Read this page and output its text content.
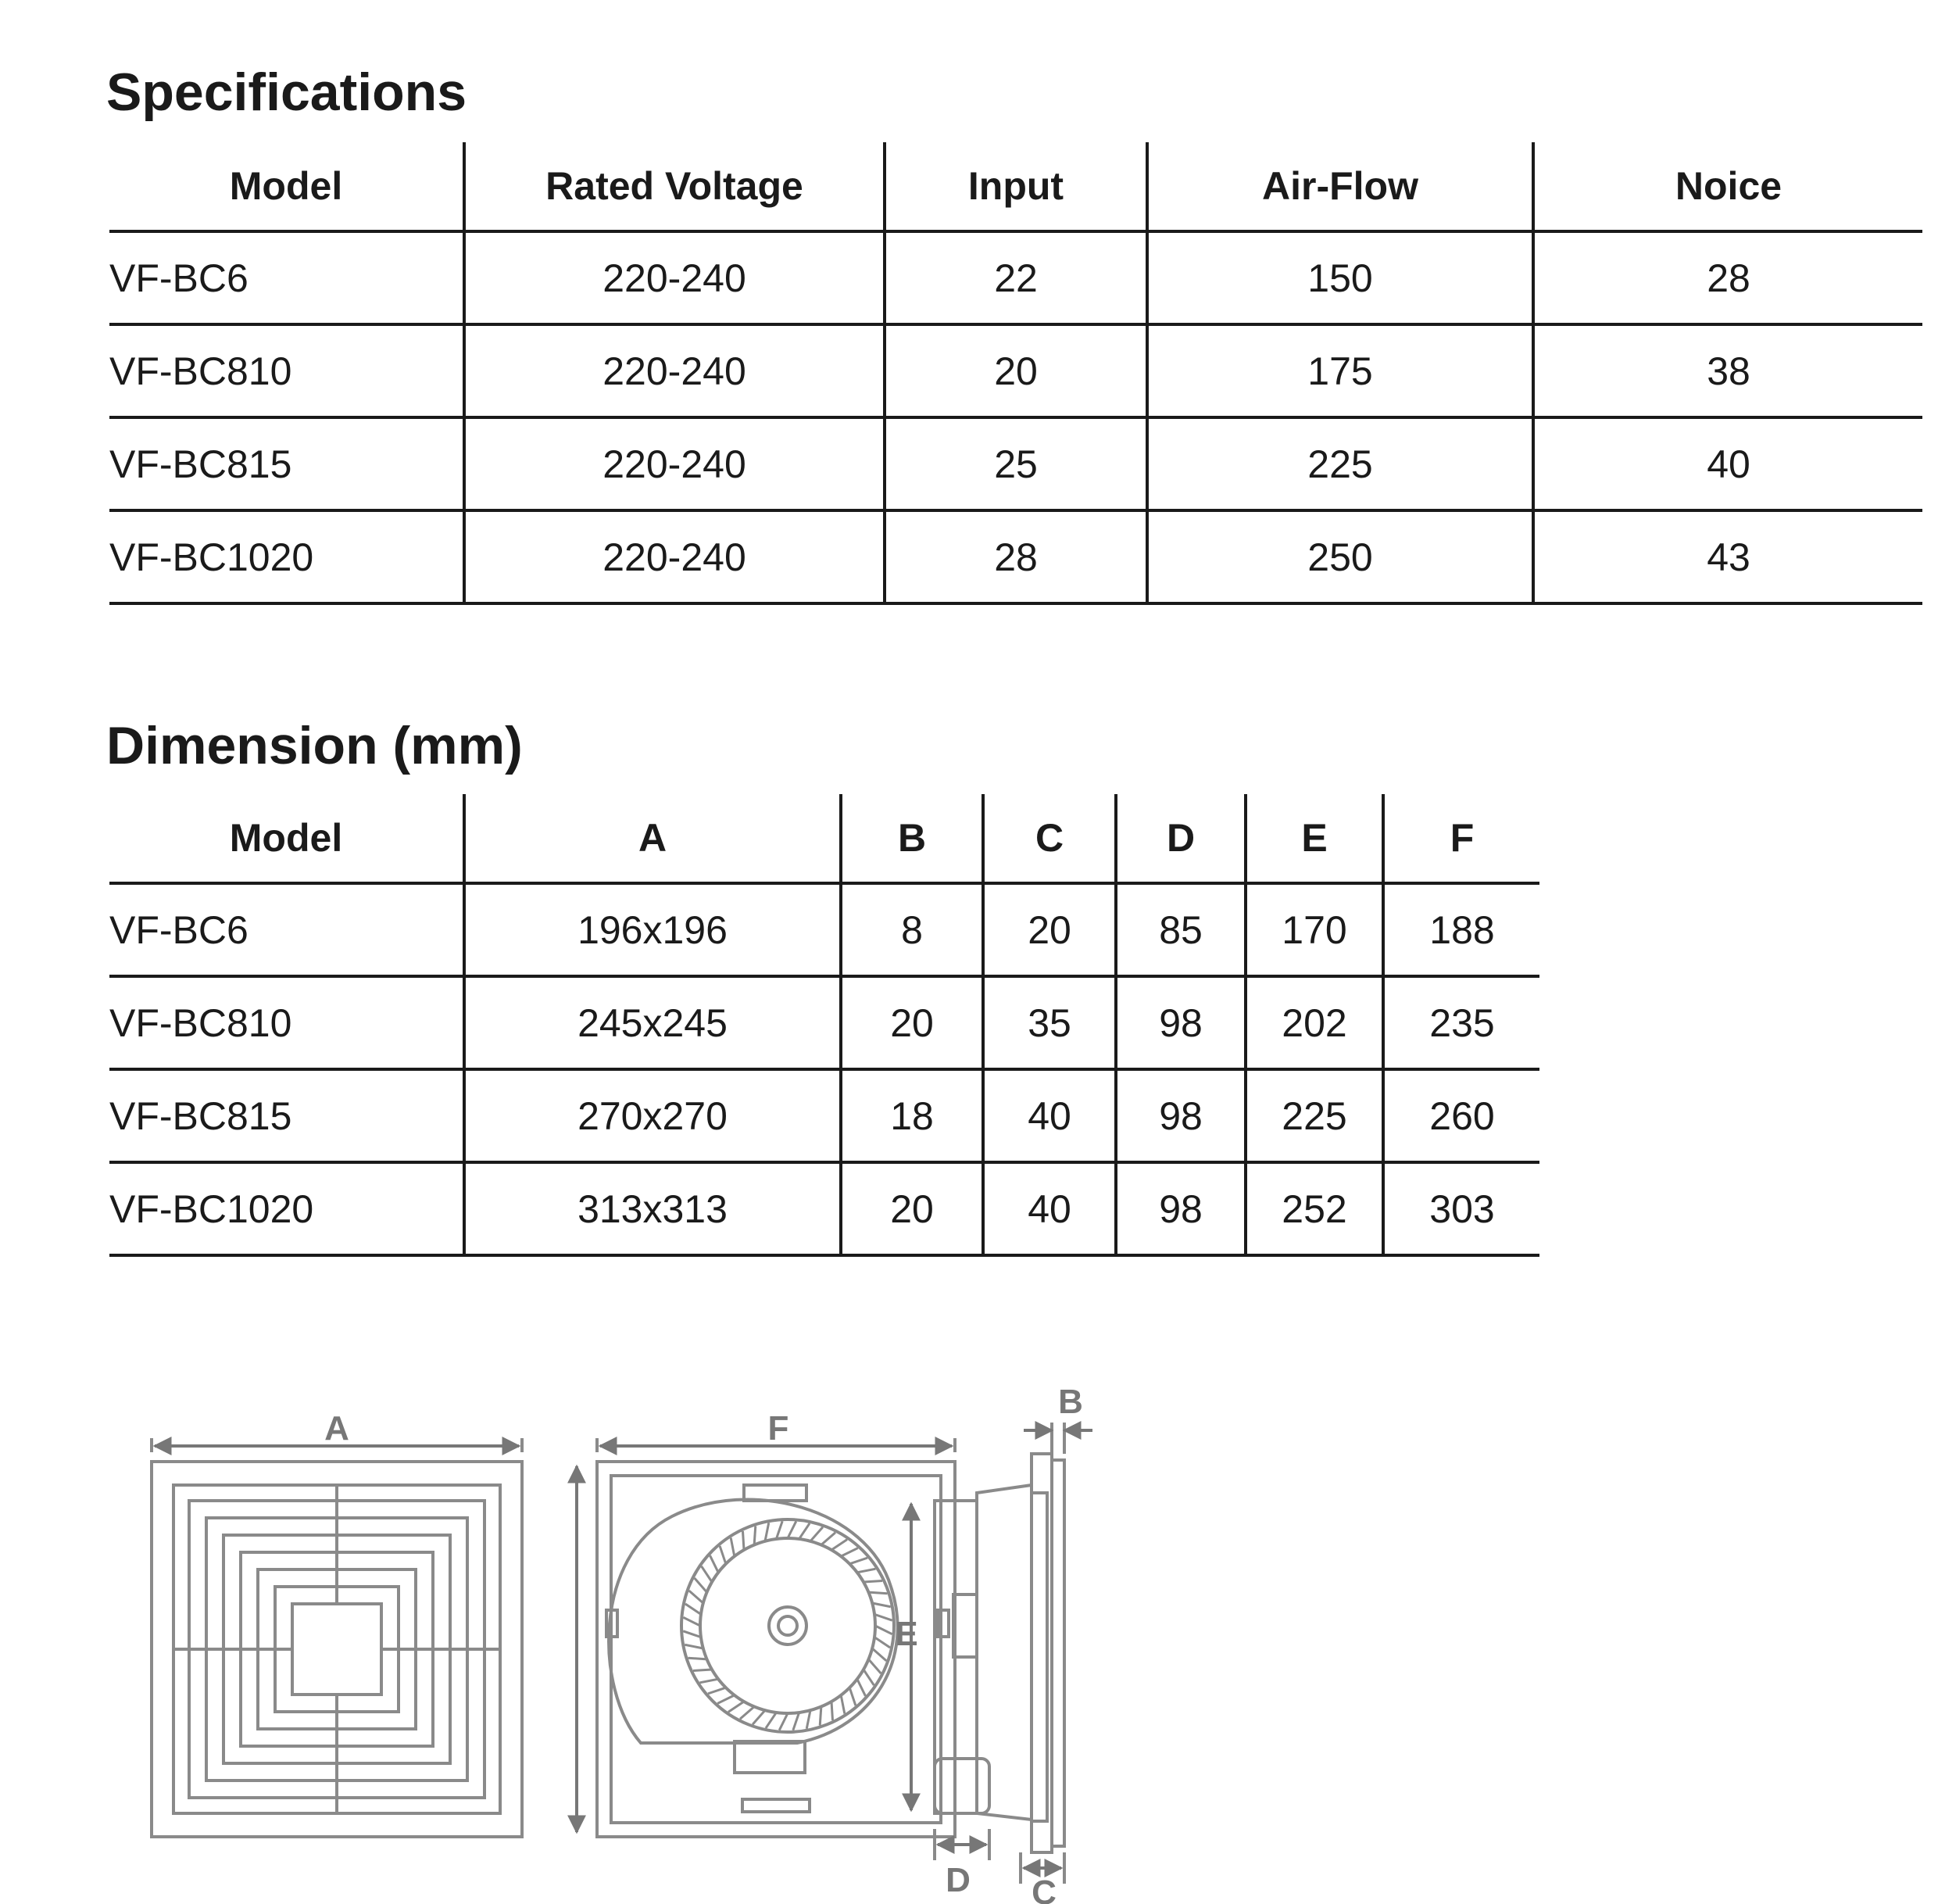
Specifications
Model	Rated Voltage	Input	Air-Flow	Noice
VF-BC6	220-240	22	150	28
VF-BC810	220-240	20	175	38
VF-BC815	220-240	25	225	40
VF-BC1020	220-240	28	250	43
Dimension (mm)
Model	A	B	C	D	E	F
VF-BC6	196x196	8	20	85	170	188
VF-BC810	245x245	20	35	98	202	235
VF-BC815	270x270	18	40	98	225	260
VF-BC1020	313x313	20	40	98	252	303
A	F
B
D C
E
